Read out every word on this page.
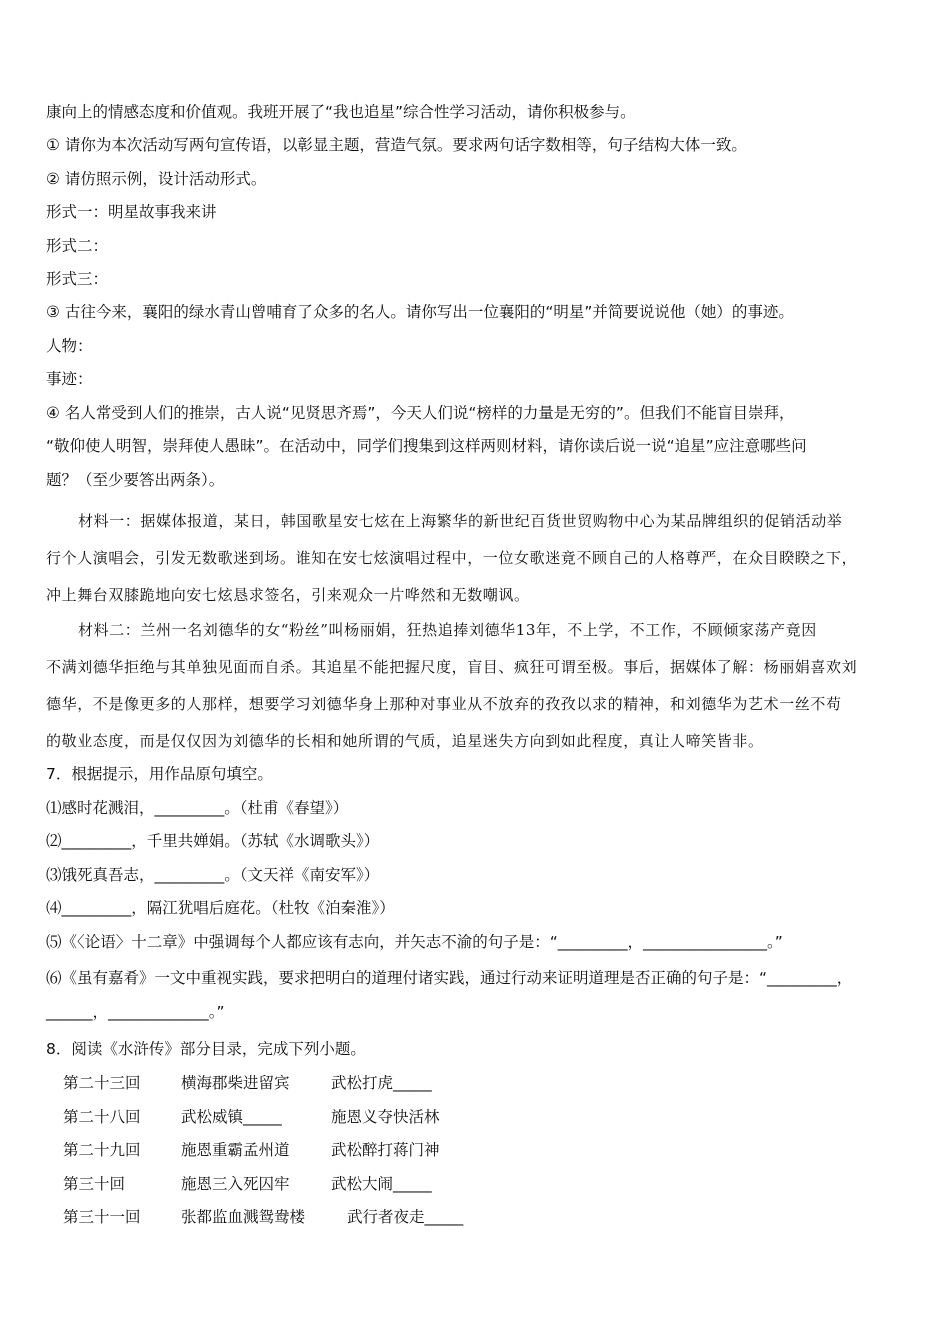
康向上的情感态度和价值观。我班开展了“我也追星”综合性学习活动，请你积极参与。
① 请你为本次活动写两句宣传语，以彰显主题，营造气氛。要求两句话字数相等，句子结构大体一致。
② 请仿照示例，设计活动形式。
形式一：明星故事我来讲
形式二：
形式三：
③ 古往今来，襄阳的绿水青山曾哺育了众多的名人。请你写出一位襄阳的“明星”并简要说说他（她）的事迹。
人物：
事迹：
④ 名人常受到人们的推崇，古人说“见贤思齐焉”，今天人们说“榜样的力量是无穷的”。但我们不能盲目崇拜，
“敬仰使人明智，崇拜使人愚昧”。在活动中，同学们搜集到这样两则材料，请你读后说一说“追星”应注意哪些问
题？（至少要答出两条）。
材料一：据媒体报道，某日，韩国歌星安七炫在上海繁华的新世纪百货世贸购物中心为某品牌组织的促销活动举
行个人演唱会，引发无数歌迷到场。谁知在安七炫演唱过程中，一位女歌迷竟不顾自己的人格尊严，在众目睽睽之下，
冲上舞台双膝跪地向安七炫恳求签名，引来观众一片哗然和无数嘲讽。
材料二：兰州一名刘德华的女“粉丝”叫杨丽娟，狂热追捧刘德华13年，不上学，不工作，不顾倾家荡产竟因
不满刘德华拒绝与其单独见面而自杀。其追星不能把握尺度，盲目、疯狂可谓至极。事后，据媒体了解：杨丽娟喜欢刘
德华，不是像更多的人那样，想要学习刘德华身上那种对事业从不放弃的孜孜以求的精神，和刘德华为艺术一丝不苟
的敬业态度，而是仅仅因为刘德华的长相和她所谓的气质，追星迷失方向到如此程度，真让人啼笑皆非。
7．根据提示，用作品原句填空。
⑴感时花溅泪，_________。（杜甫《春望》）
⑵_________，千里共婵娟。（苏轼《水调歌头》）
⑶饿死真吾志，_________。（文天祥《南安军》）
⑷_________，隔江犹唱后庭花。（杜牧《泊秦淮》）
⑸《〈论语〉十二章》中强调每个人都应该有志向，并矢志不渝的句子是：“_________，________________。”
⑹《虽有嘉肴》一文中重视实践，要求把明白的道理付诸实践，通过行动来证明道理是否正确的句子是：“_________，
______，_____________。”
8．阅读《水浒传》部分目录，完成下列小题。
第二十三回	横海郡柴进留宾	武松打虎_____
第二十八回	武松威镇_____	施恩义夺快活林
第二十九回	施恩重霸孟州道	武松醉打蒋门神
第三十回	施恩三入死囚牢	武松大闹_____
第三十一回	张都监血溅鸳鸯楼	武行者夜走_____
